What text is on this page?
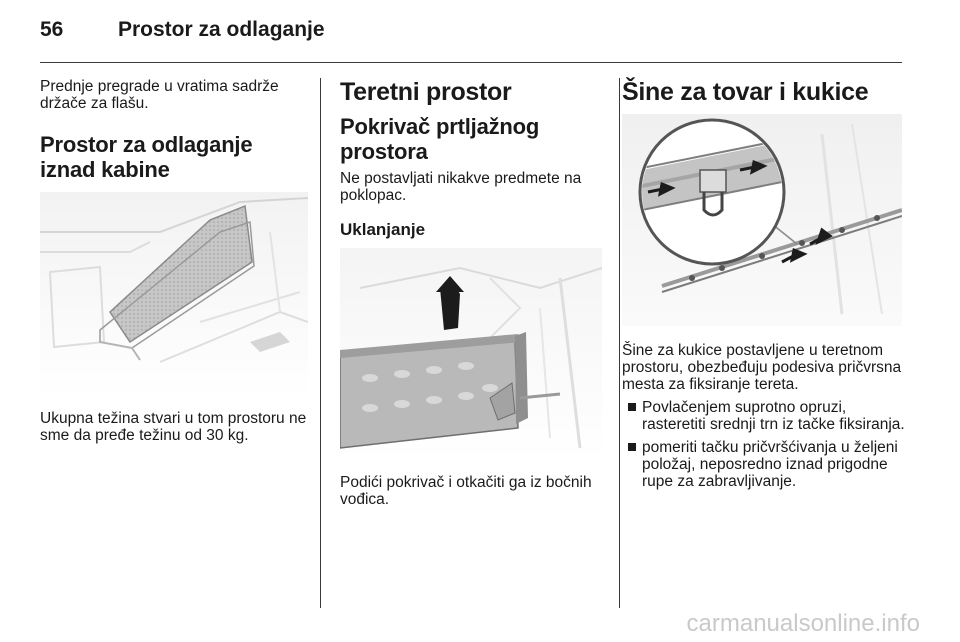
56	Prostor za odlaganje

Prednje pregrade u vratima sadrže držače za flašu.

Prostor za odlaganje iznad kabine

Ukupna težina stvari u tom prostoru ne sme da pređe težinu od 30 kg.

Teretni prostor
Pokrivač prtljažnog prostora

Ne postavljati nikakve predmete na poklopac.

Uklanjanje

Podići pokrivač i otkačiti ga iz bočnih vođica.

Šine za tovar i kukice

Šine za kukice postavljene u teretnom prostoru, obezbeđuju podesiva pričvrsna mesta za fiksiranje tereta.

Povlačenjem suprotno opruzi, rasteretiti srednji trn iz tačke fiksiranja.
pomeriti tačku pričvršćivanja u željeni položaj, neposredno iznad prigodne rupe za zabravljivanje.
carmanualsonline.info
